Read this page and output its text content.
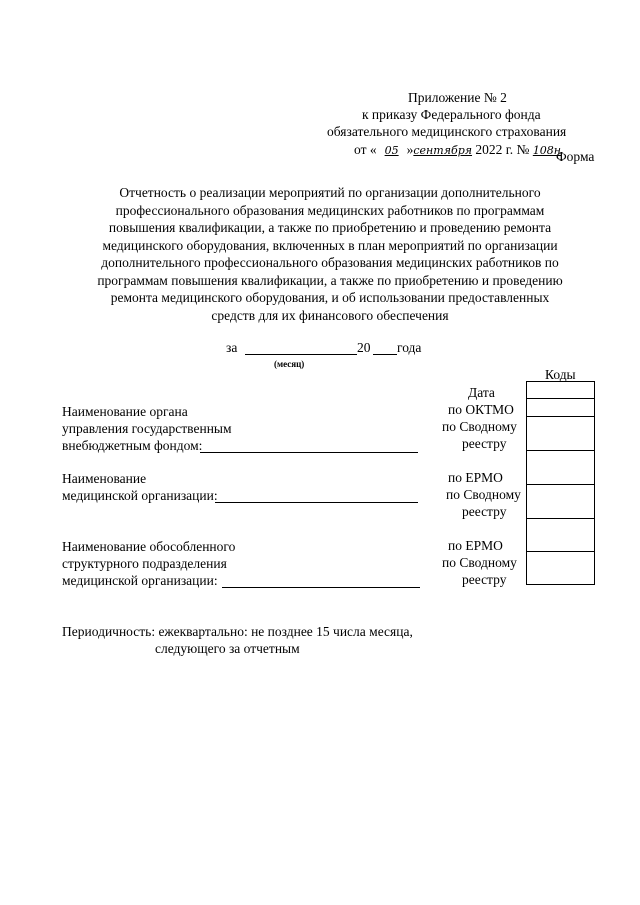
Приложение № 2
к приказу Федерального фонда
обязательного медицинского страхования
от « 05 »сентября 2022 г. № 108н
Форма
Отчетность о реализации мероприятий по организации дополнительного
профессионального образования медицинских работников по программам
повышения квалификации, а также по приобретению и проведению ремонта
медицинского оборудования, включенных в план мероприятий по организации
дополнительного профессионального образования медицинских работников по
программам повышения квалификации, а также по приобретению и проведению
ремонта медицинского оборудования, и об использовании предоставленных
средств для их финансового обеспечения
за	20 года
(месяц)
Коды
Дата
по ОКТМО
по Сводному
реестру
по ЕРМО
по Сводному
реестру
по ЕРМО
по Сводному
реестру
Наименование органа
управления государственным
внебюджетным фондом:
Наименование
медицинской организации:
Наименование обособленного
структурного подразделения
медицинской организации:
Периодичность: ежеквартально: не позднее 15 числа месяца,
следующего за отчетным
